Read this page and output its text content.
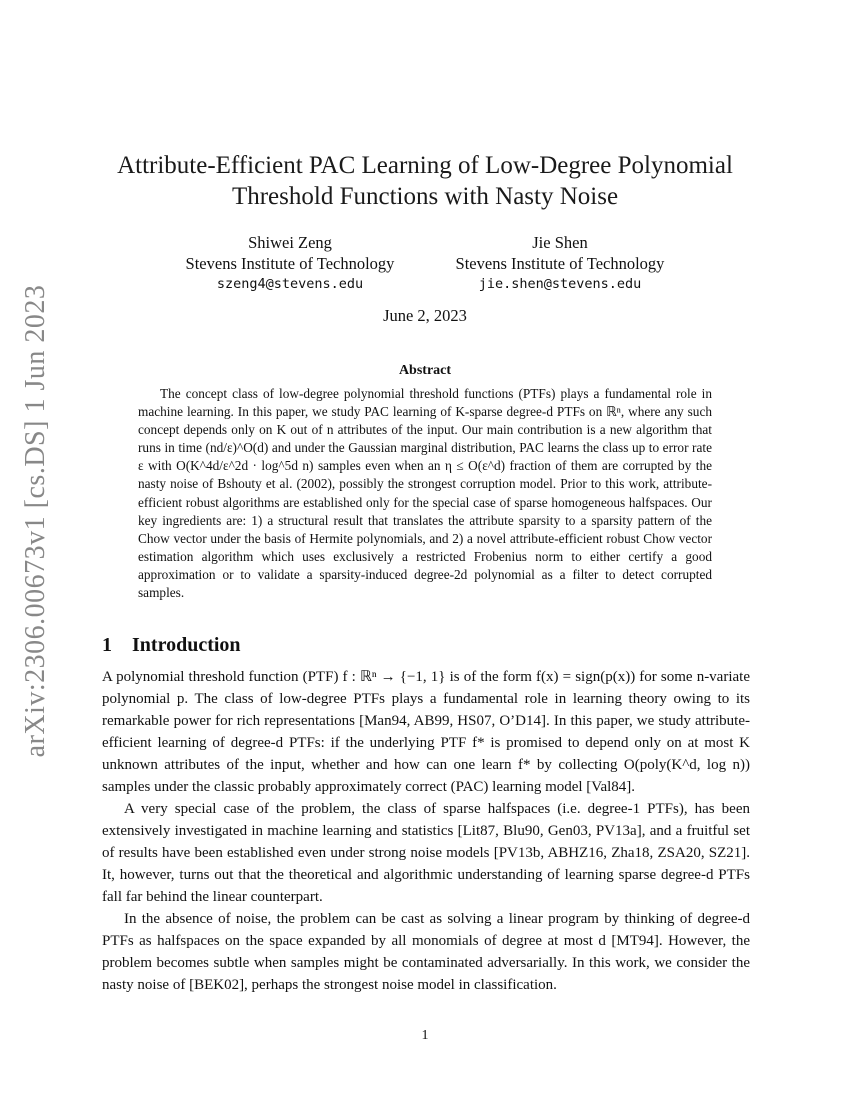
arXiv:2306.00673v1 [cs.DS] 1 Jun 2023
Attribute-Efficient PAC Learning of Low-Degree Polynomial
Threshold Functions with Nasty Noise
Shiwei Zeng
Stevens Institute of Technology
szeng4@stevens.edu
Jie Shen
Stevens Institute of Technology
jie.shen@stevens.edu
June 2, 2023
Abstract

The concept class of low-degree polynomial threshold functions (PTFs) plays a fundamental role in machine learning. In this paper, we study PAC learning of K-sparse degree-d PTFs on ℝⁿ, where any such concept depends only on K out of n attributes of the input. Our main contribution is a new algorithm that runs in time (nd/ε)^O(d) and under the Gaussian marginal distribution, PAC learns the class up to error rate ε with O(K^4d/ε^2d · log^5d n) samples even when an η ≤ O(ε^d) fraction of them are corrupted by the nasty noise of Bshouty et al. (2002), possibly the strongest corruption model. Prior to this work, attribute-efficient robust algorithms are established only for the special case of sparse homogeneous halfspaces. Our key ingredients are: 1) a structural result that translates the attribute sparsity to a sparsity pattern of the Chow vector under the basis of Hermite polynomials, and 2) a novel attribute-efficient robust Chow vector estimation algorithm which uses exclusively a restricted Frobenius norm to either certify a good approximation or to validate a sparsity-induced degree-2d polynomial as a filter to detect corrupted samples.

1 Introduction

A polynomial threshold function (PTF) f : ℝⁿ → {−1, 1} is of the form f(x) = sign(p(x)) for some n-variate polynomial p. The class of low-degree PTFs plays a fundamental role in learning theory owing to its remarkable power for rich representations [Man94, AB99, HS07, O’D14]. In this paper, we study attribute-efficient learning of degree-d PTFs: if the underlying PTF f* is promised to depend only on at most K unknown attributes of the input, whether and how can one learn f* by collecting O(poly(K^d, log n)) samples under the classic probably approximately correct (PAC) learning model [Val84].

A very special case of the problem, the class of sparse halfspaces (i.e. degree-1 PTFs), has been extensively investigated in machine learning and statistics [Lit87, Blu90, Gen03, PV13a], and a fruitful set of results have been established even under strong noise models [PV13b, ABHZ16, Zha18, ZSA20, SZ21]. It, however, turns out that the theoretical and algorithmic understanding of learning sparse degree-d PTFs fall far behind the linear counterpart.

In the absence of noise, the problem can be cast as solving a linear program by thinking of degree-d PTFs as halfspaces on the space expanded by all monomials of degree at most d [MT94]. However, the problem becomes subtle when samples might be contaminated adversarially. In this work, we consider the nasty noise of [BEK02], perhaps the strongest noise model in classification.

1
